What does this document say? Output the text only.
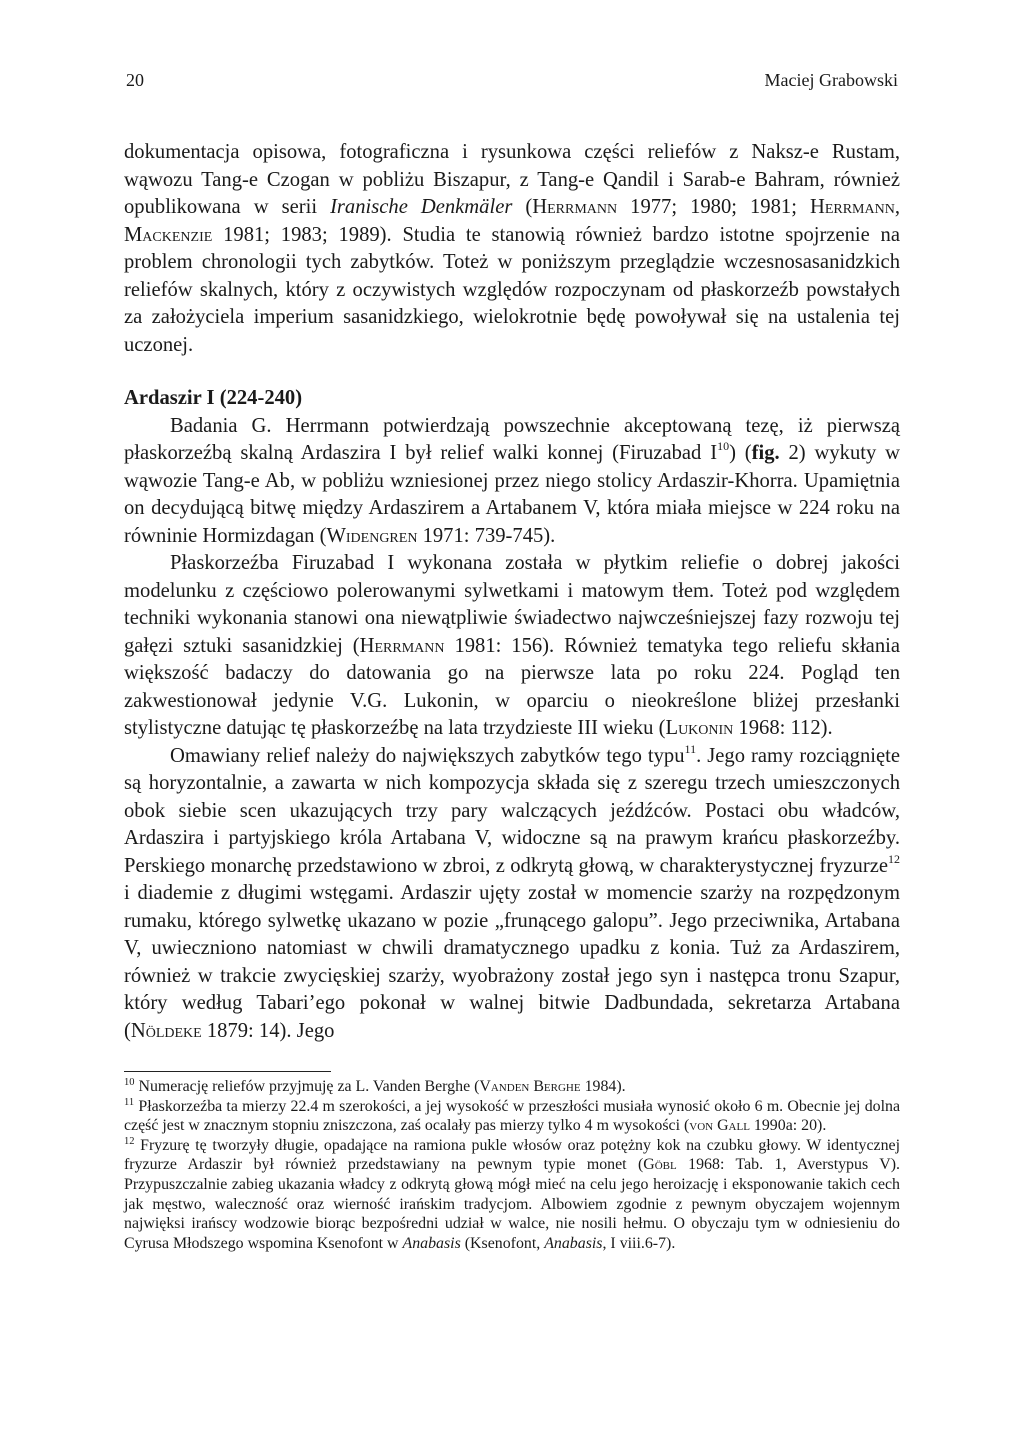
20	Maciej Grabowski

dokumentacja opisowa, fotograficzna i rysunkowa części reliefów z Naksz-e Rustam, wąwozu Tang-e Czogan w pobliżu Biszapur, z Tang-e Qandil i Sarab-e Bahram, również opublikowana w serii Iranische Denkmäler (Herrmann 1977; 1980; 1981; Herrmann, Mackenzie 1981; 1983; 1989). Studia te stanowią również bardzo istotne spojrzenie na problem chronologii tych zabytków. Toteż w poniższym przeglądzie wczesnosasanidzkich reliefów skalnych, który z oczywistych względów rozpoczynam od płaskorzeźb powstałych za założyciela imperium sasanidzkiego, wielokrotnie będę powoływał się na ustalenia tej uczonej.

Ardaszir I (224-240)

Badania G. Herrmann potwierdzają powszechnie akceptowaną tezę, iż pierwszą płaskorzeźbą skalną Ardaszira I był relief walki konnej (Firuzabad $I^{10}$) (fig. 2) wykuty w wąwozie Tang-e Ab, w pobliżu wzniesionej przez niego stolicy Ardaszir-Khorra. Upamiętnia on decydującą bitwę między Ardaszirem a Artabanem V, która miała miejsce w 224 roku na równinie Hormizdagan (Widengren 1971: 739-745).

Płaskorzeźba Firuzabad I wykonana została w płytkim reliefie o dobrej jakości modelunku z częściowo polerowanymi sylwetkami i matowym tłem. Toteż pod względem techniki wykonania stanowi ona niewątpliwie świadectwo najwcześniejszej fazy rozwoju tej gałęzi sztuki sasanidzkiej (Herrmann 1981: 156). Również tematyka tego reliefu skłania większość badaczy do datowania go na pierwsze lata po roku 224. Pogląd ten zakwestionował jedynie V.G. Lukonin, w oparciu o nieokreślone bliżej przesłanki stylistyczne datując tę płaskorzeźbę na lata trzydzieste III wieku (Lukonin 1968: 112).

Omawiany relief należy do największych zabytków tego typu$^{11}$. Jego ramy rozciągnięte są horyzontalnie, a zawarta w nich kompozycja składa się z szeregu trzech umieszczonych obok siebie scen ukazujących trzy pary walczących jeźdźców. Postaci obu władców, Ardaszira i partyjskiego króla Artabana V, widoczne są na prawym krańcu płaskorzeźby. Perskiego monarchę przedstawiono w zbroi, z odkrytą głową, w charakterystycznej fryzurze$^{12}$ i diademie z długimi wstęgami. Ardaszir ujęty został w momencie szarży na rozpędzonym rumaku, którego sylwetkę ukazano w pozie „frunącego galopu”. Jego przeciwnika, Artabana V, uwieczniono natomiast w chwili dramatycznego upadku z konia. Tuż za Ardaszirem, również w trakcie zwycięskiej szarży, wyobrażony został jego syn i następca tronu Szapur, który według Tabari’ego pokonał w walnej bitwie Dadbundada, sekretarza Artabana (Nöldeke 1879: 14). Jego

$^{10}$ Numerację reliefów przyjmuję za L. Vanden Berghe (Vanden Berghe 1984).

$^{11}$ Płaskorzeźba ta mierzy 22.4 m szerokości, a jej wysokość w przeszłości musiała wynosić około 6 m. Obecnie jej dolna część jest w znacznym stopniu zniszczona, zaś ocalały pas mierzy tylko 4 m wysokości (von Gall 1990a: 20).

$^{12}$ Fryzurę tę tworzyły długie, opadające na ramiona pukle włosów oraz potężny kok na czubku głowy. W identycznej fryzurze Ardaszir był również przedstawiany na pewnym typie monet (Göbl 1968: Tab. 1, Averstypus V). Przypuszczalnie zabieg ukazania władcy z odkrytą głową mógł mieć na celu jego heroizację i eksponowanie takich cech jak męstwo, waleczność oraz wierność irańskim tradycjom. Albowiem zgodnie z pewnym obyczajem wojennym najwięksi irańscy wodzowie biorąc bezpośredni udział w walce, nie nosili hełmu. O obyczaju tym w odniesieniu do Cyrusa Młodszego wspomina Ksenofont w Anabasis (Ksenofont, Anabasis, I viii.6-7).
